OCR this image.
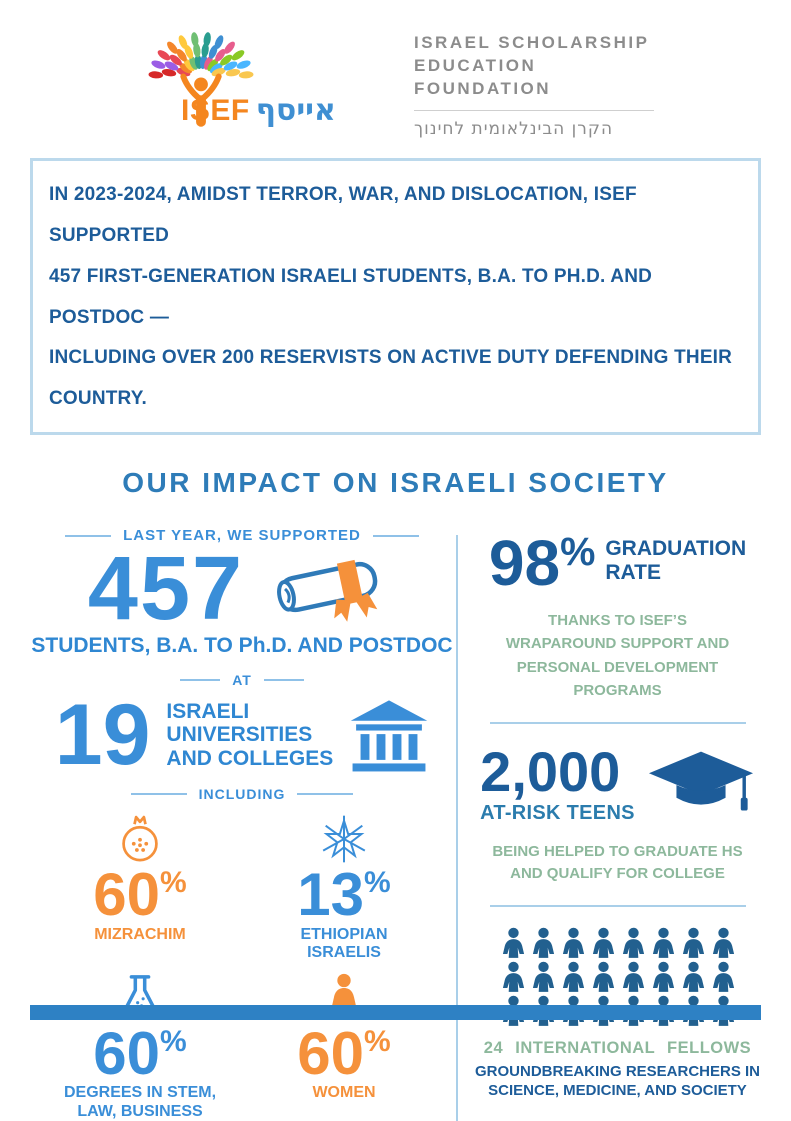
ISEF אייסף
ISRAEL SCHOLARSHIP
EDUCATION FOUNDATION
הקרן הבינלאומית לחינוך
IN 2023-2024, AMIDST TERROR, WAR, AND DISLOCATION, ISEF SUPPORTED
457 FIRST-GENERATION ISRAELI STUDENTS, B.A. TO PH.D. AND POSTDOC —
INCLUDING OVER 200 RESERVISTS ON ACTIVE DUTY DEFENDING THEIR COUNTRY.
OUR IMPACT ON ISRAELI SOCIETY
LAST YEAR, WE SUPPORTED
457
STUDENTS, B.A. TO Ph.D. AND POSTDOC
AT
19 ISRAELI
UNIVERSITIES
AND COLLEGES
INCLUDING
60%
MIZRACHIM
13%
ETHIOPIAN ISRAELIS
60%
DEGREES IN STEM, LAW, BUSINESS
60%
WOMEN
98% GRADUATION
RATE
THANKS TO ISEF’S WRAPAROUND SUPPORT AND PERSONAL DEVELOPMENT PROGRAMS
2,000
AT-RISK TEENS
BEING HELPED TO GRADUATE HS AND QUALIFY FOR COLLEGE
24 INTERNATIONAL FELLOWS
GROUNDBREAKING RESEARCHERS IN SCIENCE, MEDICINE, AND SOCIETY
